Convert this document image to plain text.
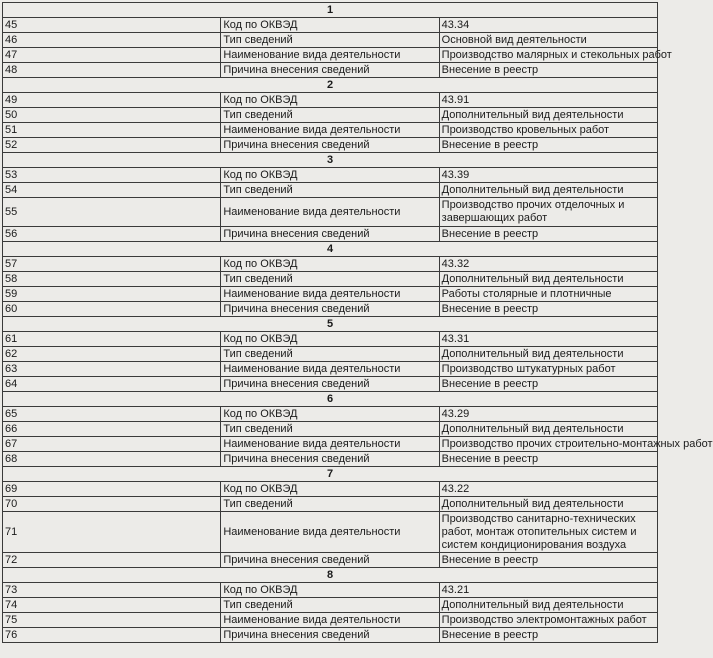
1		
45	Код по ОКВЭД	43.34
46	Тип сведений	Основной вид деятельности
47	Наименование вида деятельности	Производство малярных и стекольных работ
48	Причина внесения сведений	Внесение в реестр
2		
49	Код по ОКВЭД	43.91
50	Тип сведений	Дополнительный вид деятельности
51	Наименование вида деятельности	Производство кровельных работ
52	Причина внесения сведений	Внесение в реестр
3		
53	Код по ОКВЭД	43.39
54	Тип сведений	Дополнительный вид деятельности
55	Наименование вида деятельности	Производство прочих отделочных и завершающих работ
56	Причина внесения сведений	Внесение в реестр
4		
57	Код по ОКВЭД	43.32
58	Тип сведений	Дополнительный вид деятельности
59	Наименование вида деятельности	Работы столярные и плотничные
60	Причина внесения сведений	Внесение в реестр
5		
61	Код по ОКВЭД	43.31
62	Тип сведений	Дополнительный вид деятельности
63	Наименование вида деятельности	Производство штукатурных работ
64	Причина внесения сведений	Внесение в реестр
6		
65	Код по ОКВЭД	43.29
66	Тип сведений	Дополнительный вид деятельности
67	Наименование вида деятельности	Производство прочих строительно-монтажных работ
68	Причина внесения сведений	Внесение в реестр
7		
69	Код по ОКВЭД	43.22
70	Тип сведений	Дополнительный вид деятельности
71	Наименование вида деятельности	Производство санитарно-технических работ, монтаж отопительных систем и систем кондиционирования воздуха
72	Причина внесения сведений	Внесение в реестр
8		
73	Код по ОКВЭД	43.21
74	Тип сведений	Дополнительный вид деятельности
75	Наименование вида деятельности	Производство электромонтажных работ
76	Причина внесения сведений	Внесение в реестр
